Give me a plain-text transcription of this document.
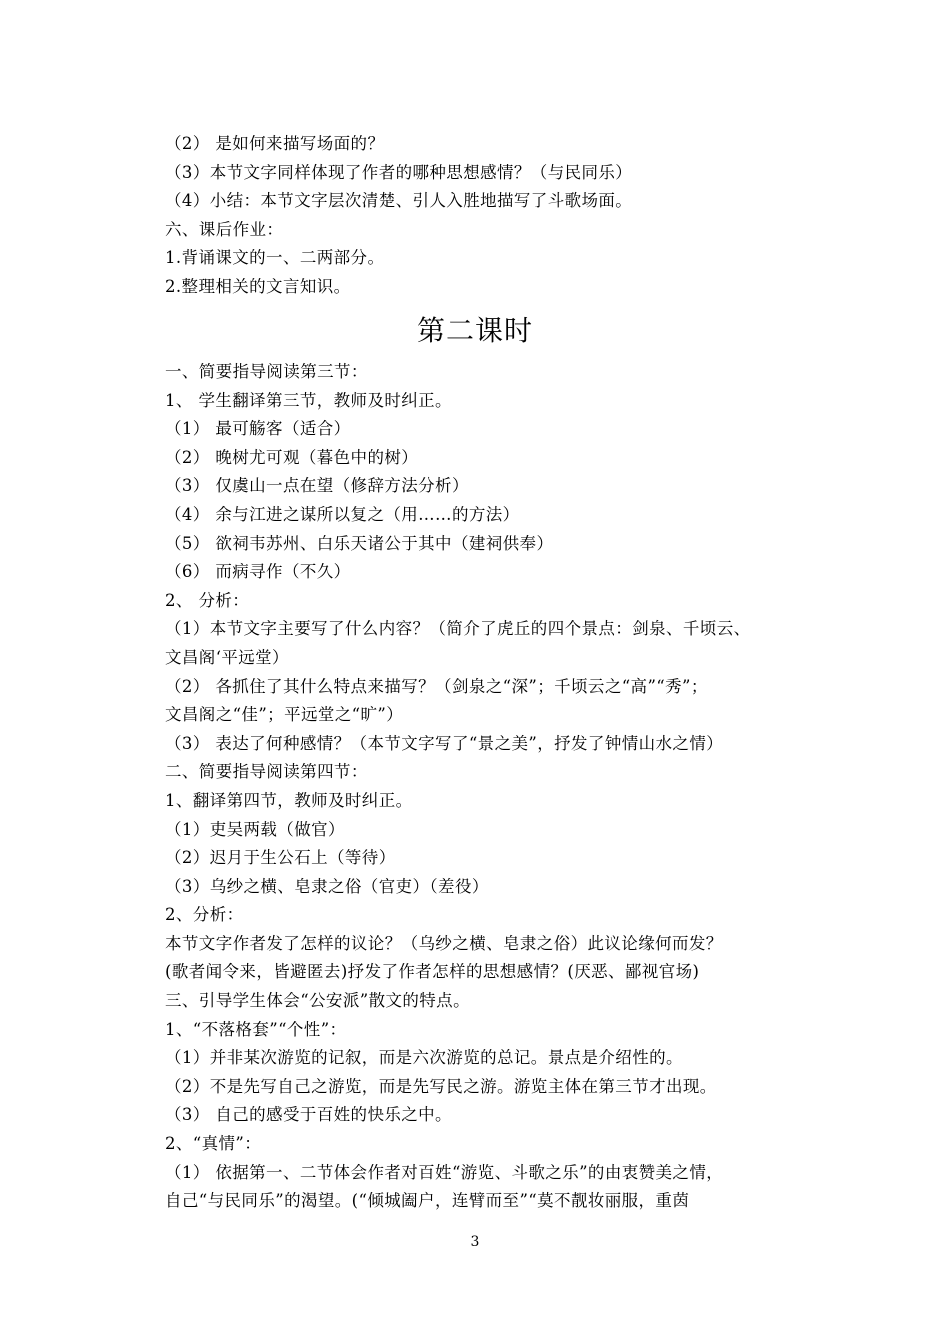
（2） 是如何来描写场面的？
（3）本节文字同样体现了作者的哪种思想感情？（与民同乐）
（4）小结：本节文字层次清楚、引人入胜地描写了斗歌场面。
六、课后作业：
1.背诵课文的一、二两部分。
2.整理相关的文言知识。
第二课时
一、简要指导阅读第三节：
1、 学生翻译第三节，教师及时纠正。
（1） 最可觞客（适合）
（2） 晚树尤可观（暮色中的树）
（3） 仅虞山一点在望（修辞方法分析）
（4） 余与江进之谋所以复之（用……的方法）
（5） 欲祠韦苏州、白乐天诸公于其中（建祠供奉）
（6） 而病寻作（不久）
2、 分析：
（1）本节文字主要写了什么内容？（简介了虎丘的四个景点：剑泉、千顷云、
文昌阁‘平远堂）
（2） 各抓住了其什么特点来描写？（剑泉之“深”；千顷云之“高”“秀”；
文昌阁之“佳”；平远堂之“旷”）
（3） 表达了何种感情？（本节文字写了“景之美”，抒发了钟情山水之情）
二、简要指导阅读第四节：
1、翻译第四节，教师及时纠正。
（1）吏吴两载（做官）
（2）迟月于生公石上（等待）
（3）乌纱之横、皂隶之俗（官吏）（差役）
2、分析：
本节文字作者发了怎样的议论？（乌纱之横、皂隶之俗）此议论缘何而发？
(歌者闻令来，皆避匿去)抒发了作者怎样的思想感情？(厌恶、鄙视官场)
三、引导学生体会“公安派”散文的特点。
1、“不落格套”“个性”：
（1）并非某次游览的记叙，而是六次游览的总记。景点是介绍性的。
（2）不是先写自己之游览，而是先写民之游。游览主体在第三节才出现。
（3） 自己的感受于百姓的快乐之中。
2、“真情”：
（1） 依据第一、二节体会作者对百姓“游览、斗歌之乐”的由衷赞美之情，
自己“与民同乐”的渴望。(“倾城阖户，连臂而至”“莫不靓妆丽服，重茵
3
